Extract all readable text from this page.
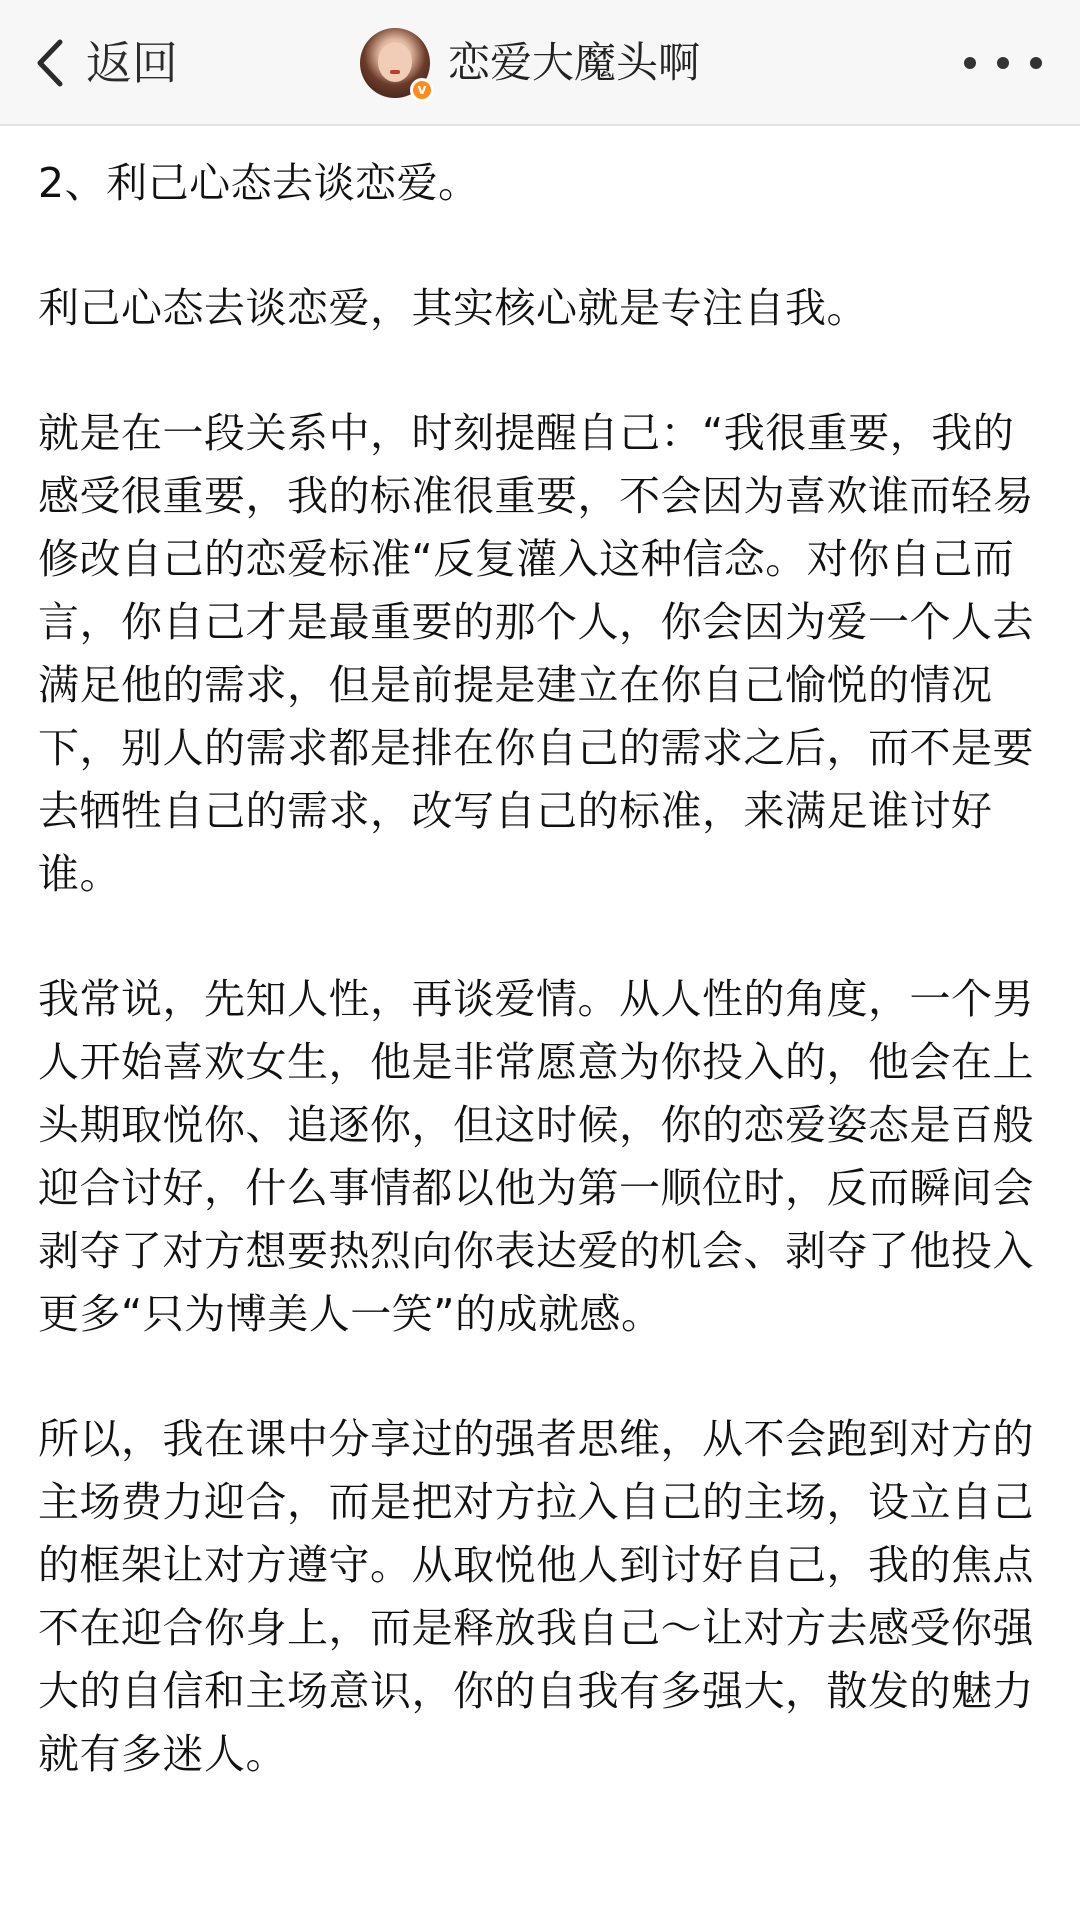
返回	v
恋爱大魔头啊

2、利己心态去谈恋爱。

利己心态去谈恋爱，其实核心就是专注自我。

就是在一段关系中，时刻提醒自己：“我很重要，我的感受很重要，我的标准很重要，不会因为喜欢谁而轻易修改自己的恋爱标准“反复灌入这种信念。对你自己而言，你自己才是最重要的那个人，你会因为爱一个人去满足他的需求，但是前提是建立在你自己愉悦的情况下，别人的需求都是排在你自己的需求之后，而不是要去牺牲自己的需求，改写自己的标准，来满足谁讨好谁。

我常说，先知人性，再谈爱情。从人性的角度，一个男人开始喜欢女生，他是非常愿意为你投入的，他会在上头期取悦你、追逐你，但这时候，你的恋爱姿态是百般迎合讨好，什么事情都以他为第一顺位时，反而瞬间会剥夺了对方想要热烈向你表达爱的机会、剥夺了他投入更多“只为博美人一笑”的成就感。

所以，我在课中分享过的强者思维，从不会跑到对方的主场费力迎合，而是把对方拉入自己的主场，设立自己的框架让对方遵守。从取悦他人到讨好自己，我的焦点不在迎合你身上，而是释放我自己～让对方去感受你强大的自信和主场意识，你的自我有多强大，散发的魅力就有多迷人。
